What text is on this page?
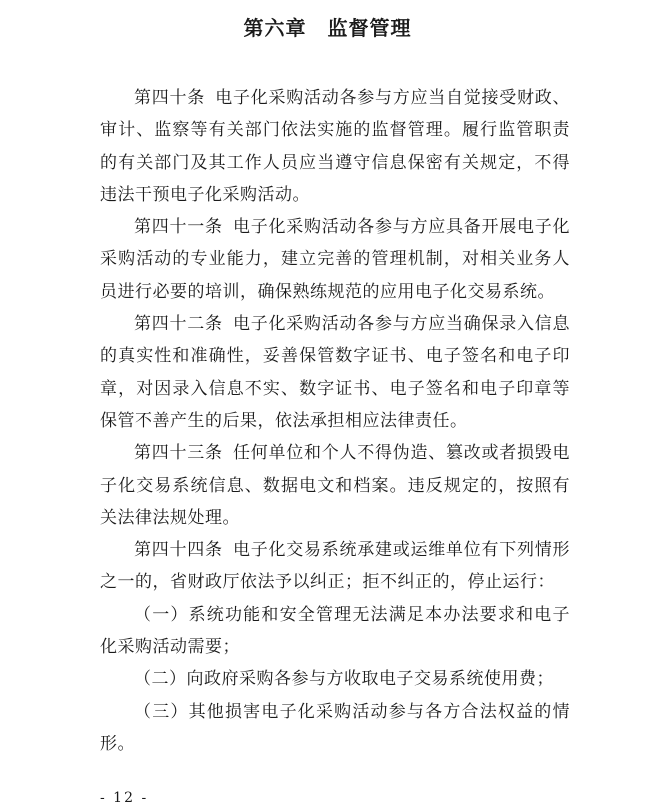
第六章　监督管理

第四十条 电子化采购活动各参与方应当自觉接受财政、审计、监察等有关部门依法实施的监督管理。履行监管职责的有关部门及其工作人员应当遵守信息保密有关规定，不得违法干预电子化采购活动。

第四十一条 电子化采购活动各参与方应具备开展电子化采购活动的专业能力，建立完善的管理机制，对相关业务人员进行必要的培训，确保熟练规范的应用电子化交易系统。

第四十二条 电子化采购活动各参与方应当确保录入信息的真实性和准确性，妥善保管数字证书、电子签名和电子印章，对因录入信息不实、数字证书、电子签名和电子印章等保管不善产生的后果，依法承担相应法律责任。

第四十三条 任何单位和个人不得伪造、篡改或者损毁电子化交易系统信息、数据电文和档案。违反规定的，按照有关法律法规处理。

第四十四条 电子化交易系统承建或运维单位有下列情形之一的，省财政厅依法予以纠正；拒不纠正的，停止运行：

（一）系统功能和安全管理无法满足本办法要求和电子化采购活动需要；

（二）向政府采购各参与方收取电子交易系统使用费；

（三）其他损害电子化采购活动参与各方合法权益的情形。

- 12 -
